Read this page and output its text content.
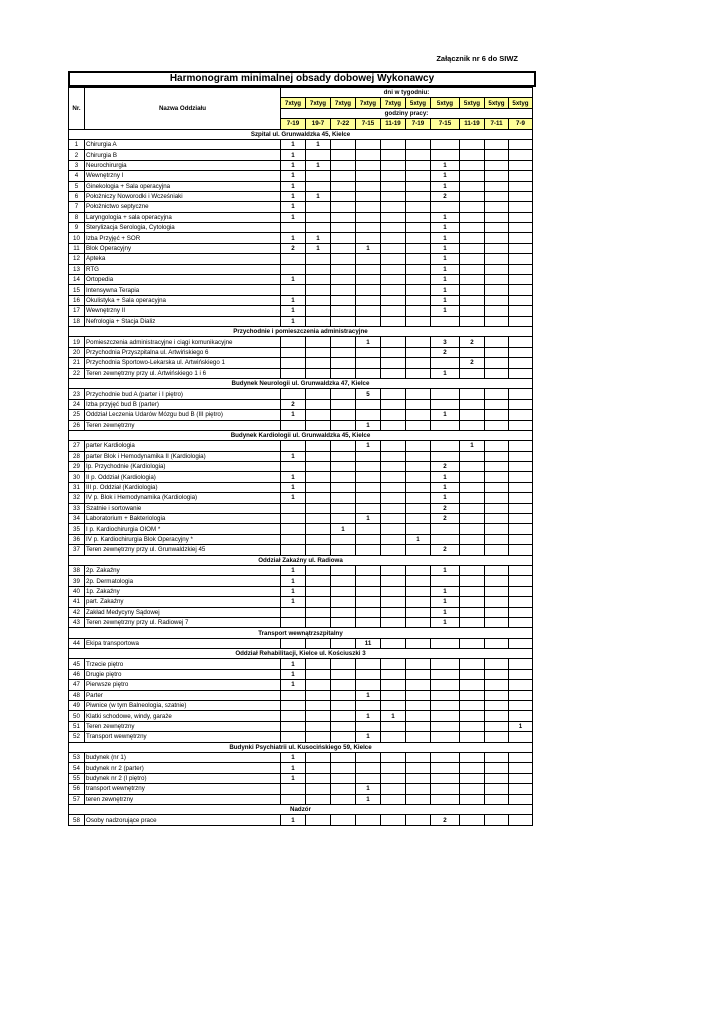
Załącznik nr 6 do SIWZ
Harmonogram minimalnej obsady dobowej Wykonawcy
Nr.	Nazwa Oddziału	dni w tygodniu:									
		7xtyg	7xtyg	7xtyg	7xtyg	7xtyg	5xtyg	5xtyg	5xtyg	5xtyg	5xtyg
		godziny pracy:									
		7-19	19-7	7-22	7-15	11-19	7-19	7-15	11-19	7-11	7-9
Szpital ul. Grunwaldzka 45, Kielce											
1	Chirurgia A	1	1								
2	Chirurgia B	1									
3	Neurochirurgia	1	1					1			
4	Wewnętrzny I	1						1			
5	Ginekologia + Sala operacyjna	1						1			
6	Położniczy Noworodki i Wcześniaki	1	1					2			
7	Położnictwo septyczne	1									
8	Laryngologia + sala operacyjna	1						1			
9	Sterylizacja Serologia, Cytologia							1			
10	Izba Przyjęć + SOR	1	1					1			
11	Blok Operacyjny	2	1		1			1			
12	Apteka							1			
13	RTG							1			
14	Ortopedia	1						1			
15	Intensywna Terapia							1			
16	Okulistyka + Sala operacyjna	1						1			
17	Wewnętrzny II	1						1			
18	Nefrologia + Stacja Dializ	1									
Przychodnie i pomieszczenia administracyjne											
19	Pomieszczenia administracyjne i ciągi komunikacyjne				1			3	2		
20	Przychodnia Przyszpitalna ul. Artwińskiego 6							2			
21	Przychodnia Sportowo-Lekarska ul. Artwińskiego 1								2		
22	Teren zewnętrzny przy ul. Artwińskiego 1 i 6							1			
Budynek Neurologii ul. Grunwaldzka 47, Kielce											
23	Przychodnie bud A (parter i I piętro)				5						
24	Izba przyjęć bud B (parter)	2									
25	Oddział Leczenia Udarów Mózgu bud B (III piętro)	1						1			
26	Teren zewnętrzny				1						
Budynek Kardiologii ul. Grunwaldzka 45, Kielce											
27	parter Kardiologia				1				1		
28	parter Blok i Hemodynamika II (Kardiologia)	1									
29	Ip. Przychodnie (Kardiologia)							2			
30	II p. Oddział (Kardiologia)	1						1			
31	III p. Oddział (Kardiologia)	1						1			
32	IV p. Blok i Hemodynamika (Kardiologia)	1						1			
33	Szatnie i sortowanie							2			
34	Laboratorium + Bakteriologia				1			2			
35	I p. Kardiochirurgia OIOM *			1							
36	IV p. Kardiochirurgia Blok Operacyjny *						1				
37	Teren zewnętrzny przy ul. Grunwaldzkiej 45							2			
Oddział Zakaźny ul. Radiowa											
38	2p. Zakaźny	1						1			
39	2p. Dermatologia	1									
40	1p. Zakaźny	1						1			
41	part. Zakaźny	1						1			
42	Zakład Medycyny Sądowej							1			
43	Teren zewnętrzny przy ul. Radiowej 7							1			
Transport wewnątrzszpitalny											
44	Ekipa transportowa				11						
Oddział Rehabilitacji, Kielce ul. Kościuszki 3											
45	Trzecie piętro	1									
46	Drugie piętro	1									
47	Pierwsze piętro	1									
48	Parter				1						
49	Piwnice (w tym Balneologia, szatnie)										
50	Klatki schodowe, windy, garaże				1	1					
51	Teren zewnętrzny										1
52	Transport wewnętrzny				1						
Budynki Psychiatrii ul. Kusocińskiego 59, Kielce											
53	budynek (nr 1)	1									
54	budynek nr 2 (parter)	1									
55	budynek nr 2 (I piętro)	1									
56	transport wewnętrzny				1						
57	teren zewnętrzny				1						
Nadzór											
58	Osoby nadzorujące prace	1						2			
